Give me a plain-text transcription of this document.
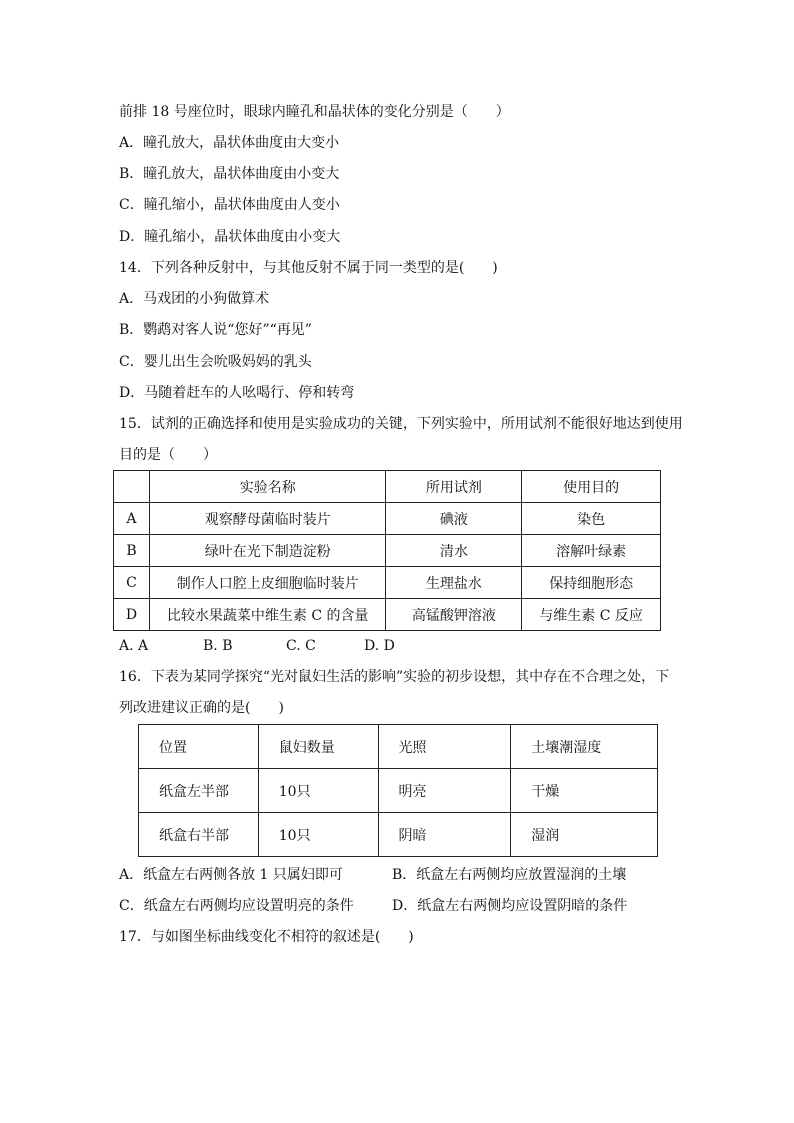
前排 18 号座位时，眼球内瞳孔和晶状体的变化分别是（　　）
A．瞳孔放大，晶状体曲度由大变小
B．瞳孔放大，晶状体曲度由小变大
C．瞳孔缩小，晶状体曲度由人变小
D．瞳孔缩小，晶状体曲度由小变大
14．下列各种反射中，与其他反射不属于同一类型的是(　　)
A．马戏团的小狗做算术
B．鹦鹉对客人说“您好”“再见”
C．婴儿出生会吮吸妈妈的乳头
D．马随着赶车的人吆喝行、停和转弯
15．试剂的正确选择和使用是实验成功的关键，下列实验中，所用试剂不能很好地达到使用
目的是（　　）
	实验名称	所用试剂	使用目的
A	观察酵母菌临时装片	碘液	染色
B	绿叶在光下制造淀粉	清水	溶解叶绿素
C	制作人口腔上皮细胞临时装片	生理盐水	保持细胞形态
D	比较水果蔬菜中维生素 C 的含量	高锰酸钾溶液	与维生素 C 反应
A. A	B. B	C. C	D. D
16．下表为某同学探究“光对鼠妇生活的影响”实验的初步设想，其中存在不合理之处，下
列改进建议正确的是(　　)
位置	鼠妇数量	光照	土壤潮湿度
纸盒左半部	10只	明亮	干燥
纸盒右半部	10只	阴暗	湿润
A．纸盒左右两侧各放 1 只属妇即可	B．纸盒左右两侧均应放置湿润的土壤
C．纸盒左右两侧均应设置明亮的条件	D．纸盒左右两侧均应设置阴暗的条件
17．与如图坐标曲线变化不相符的叙述是(　　)
